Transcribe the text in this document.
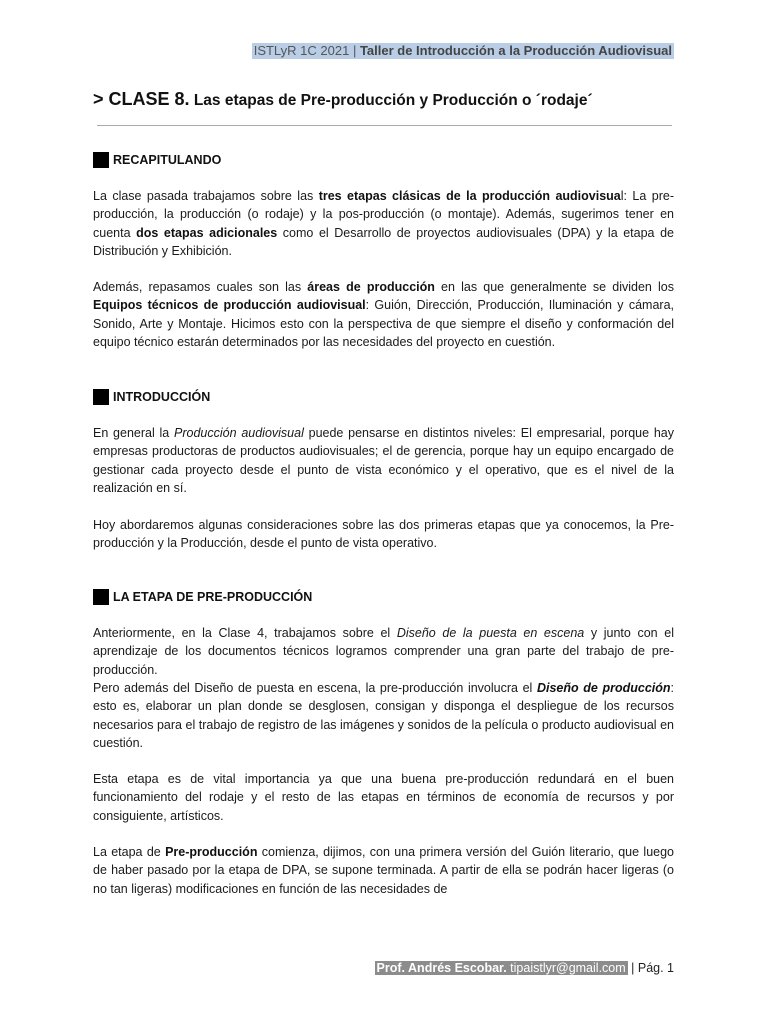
ISTLyR 1C 2021 | Taller de Introducción a la Producción Audiovisual
> CLASE 8. Las etapas de Pre-producción y Producción o ´rodaje´
RECAPITULANDO
La clase pasada trabajamos sobre las tres etapas clásicas de la producción audiovisual: La pre-producción, la producción (o rodaje) y la pos-producción (o montaje). Además, sugerimos tener en cuenta dos etapas adicionales como el Desarrollo de proyectos audiovisuales (DPA) y la etapa de Distribución y Exhibición.
Además, repasamos cuales son las áreas de producción en las que generalmente se dividen los Equipos técnicos de producción audiovisual: Guión, Dirección, Producción, Iluminación y cámara, Sonido, Arte y Montaje. Hicimos esto con la perspectiva de que siempre el diseño y conformación del equipo técnico estarán determinados por las necesidades del proyecto en cuestión.
INTRODUCCIÓN
En general la Producción audiovisual puede pensarse en distintos niveles: El empresarial, porque hay empresas productoras de productos audiovisuales; el de gerencia, porque hay un equipo encargado de gestionar cada proyecto desde el punto de vista económico y el operativo, que es el nivel de la realización en sí.
Hoy abordaremos algunas consideraciones sobre las dos primeras etapas que ya conocemos, la Pre-producción y la Producción, desde el punto de vista operativo.
LA ETAPA DE PRE-PRODUCCIÓN
Anteriormente, en la Clase 4, trabajamos sobre el Diseño de la puesta en escena y junto con el aprendizaje de los documentos técnicos logramos comprender una gran parte del trabajo de pre-producción.
Pero además del Diseño de puesta en escena, la pre-producción involucra el Diseño de producción: esto es, elaborar un plan donde se desglosen, consigan y disponga el despliegue de los recursos necesarios para el trabajo de registro de las imágenes y sonidos de la película o producto audiovisual en cuestión.
Esta etapa es de vital importancia ya que una buena pre-producción redundará en el buen funcionamiento del rodaje y el resto de las etapas en términos de economía de recursos y por consiguiente, artísticos.
La etapa de Pre-producción comienza, dijimos, con una primera versión del Guión literario, que luego de haber pasado por la etapa de DPA, se supone terminada. A partir de ella se podrán hacer ligeras (o no tan ligeras) modificaciones en función de las necesidades de
Prof. Andrés Escobar. tipaistlyr@gmail.com | Pág. 1
